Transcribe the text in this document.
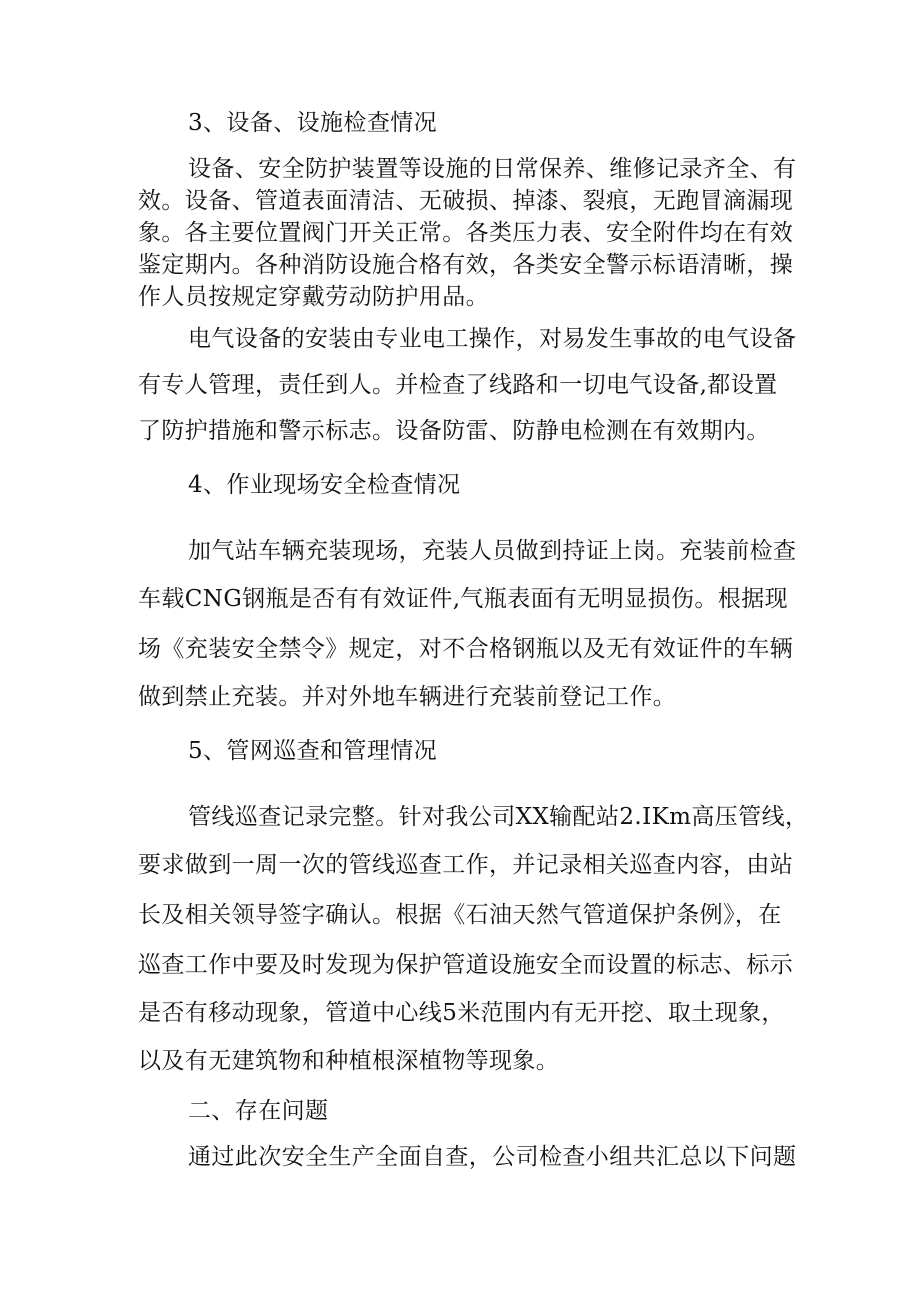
3、设备、设施检查情况
设备、安全防护装置等设施的日常保养、维修记录齐全、有
效。设备、管道表面清洁、无破损、掉漆、裂痕，无跑冒滴漏现
象。各主要位置阀门开关正常。各类压力表、安全附件均在有效
鉴定期内。各种消防设施合格有效，各类安全警示标语清晰，操
作人员按规定穿戴劳动防护用品。
电气设备的安装由专业电工操作，对易发生事故的电气设备
有专人管理，责任到人。并检查了线路和一切电气设备,都设置
了防护措施和警示标志。设备防雷、防静电检测在有效期内。
4、作业现场安全检查情况
加气站车辆充装现场，充装人员做到持证上岗。充装前检查
车载CNG钢瓶是否有有效证件,气瓶表面有无明显损伤。根据现
场《充装安全禁令》规定，对不合格钢瓶以及无有效证件的车辆
做到禁止充装。并对外地车辆进行充装前登记工作。
5、管网巡查和管理情况
管线巡查记录完整。针对我公司XX输配站2.IKm高压管线，
要求做到一周一次的管线巡查工作，并记录相关巡查内容，由站
长及相关领导签字确认。根据《石油天然气管道保护条例》，在
巡查工作中要及时发现为保护管道设施安全而设置的标志、标示
是否有移动现象，管道中心线5米范围内有无开挖、取土现象，
以及有无建筑物和种植根深植物等现象。
二、存在问题
通过此次安全生产全面自查，公司检查小组共汇总以下问题
